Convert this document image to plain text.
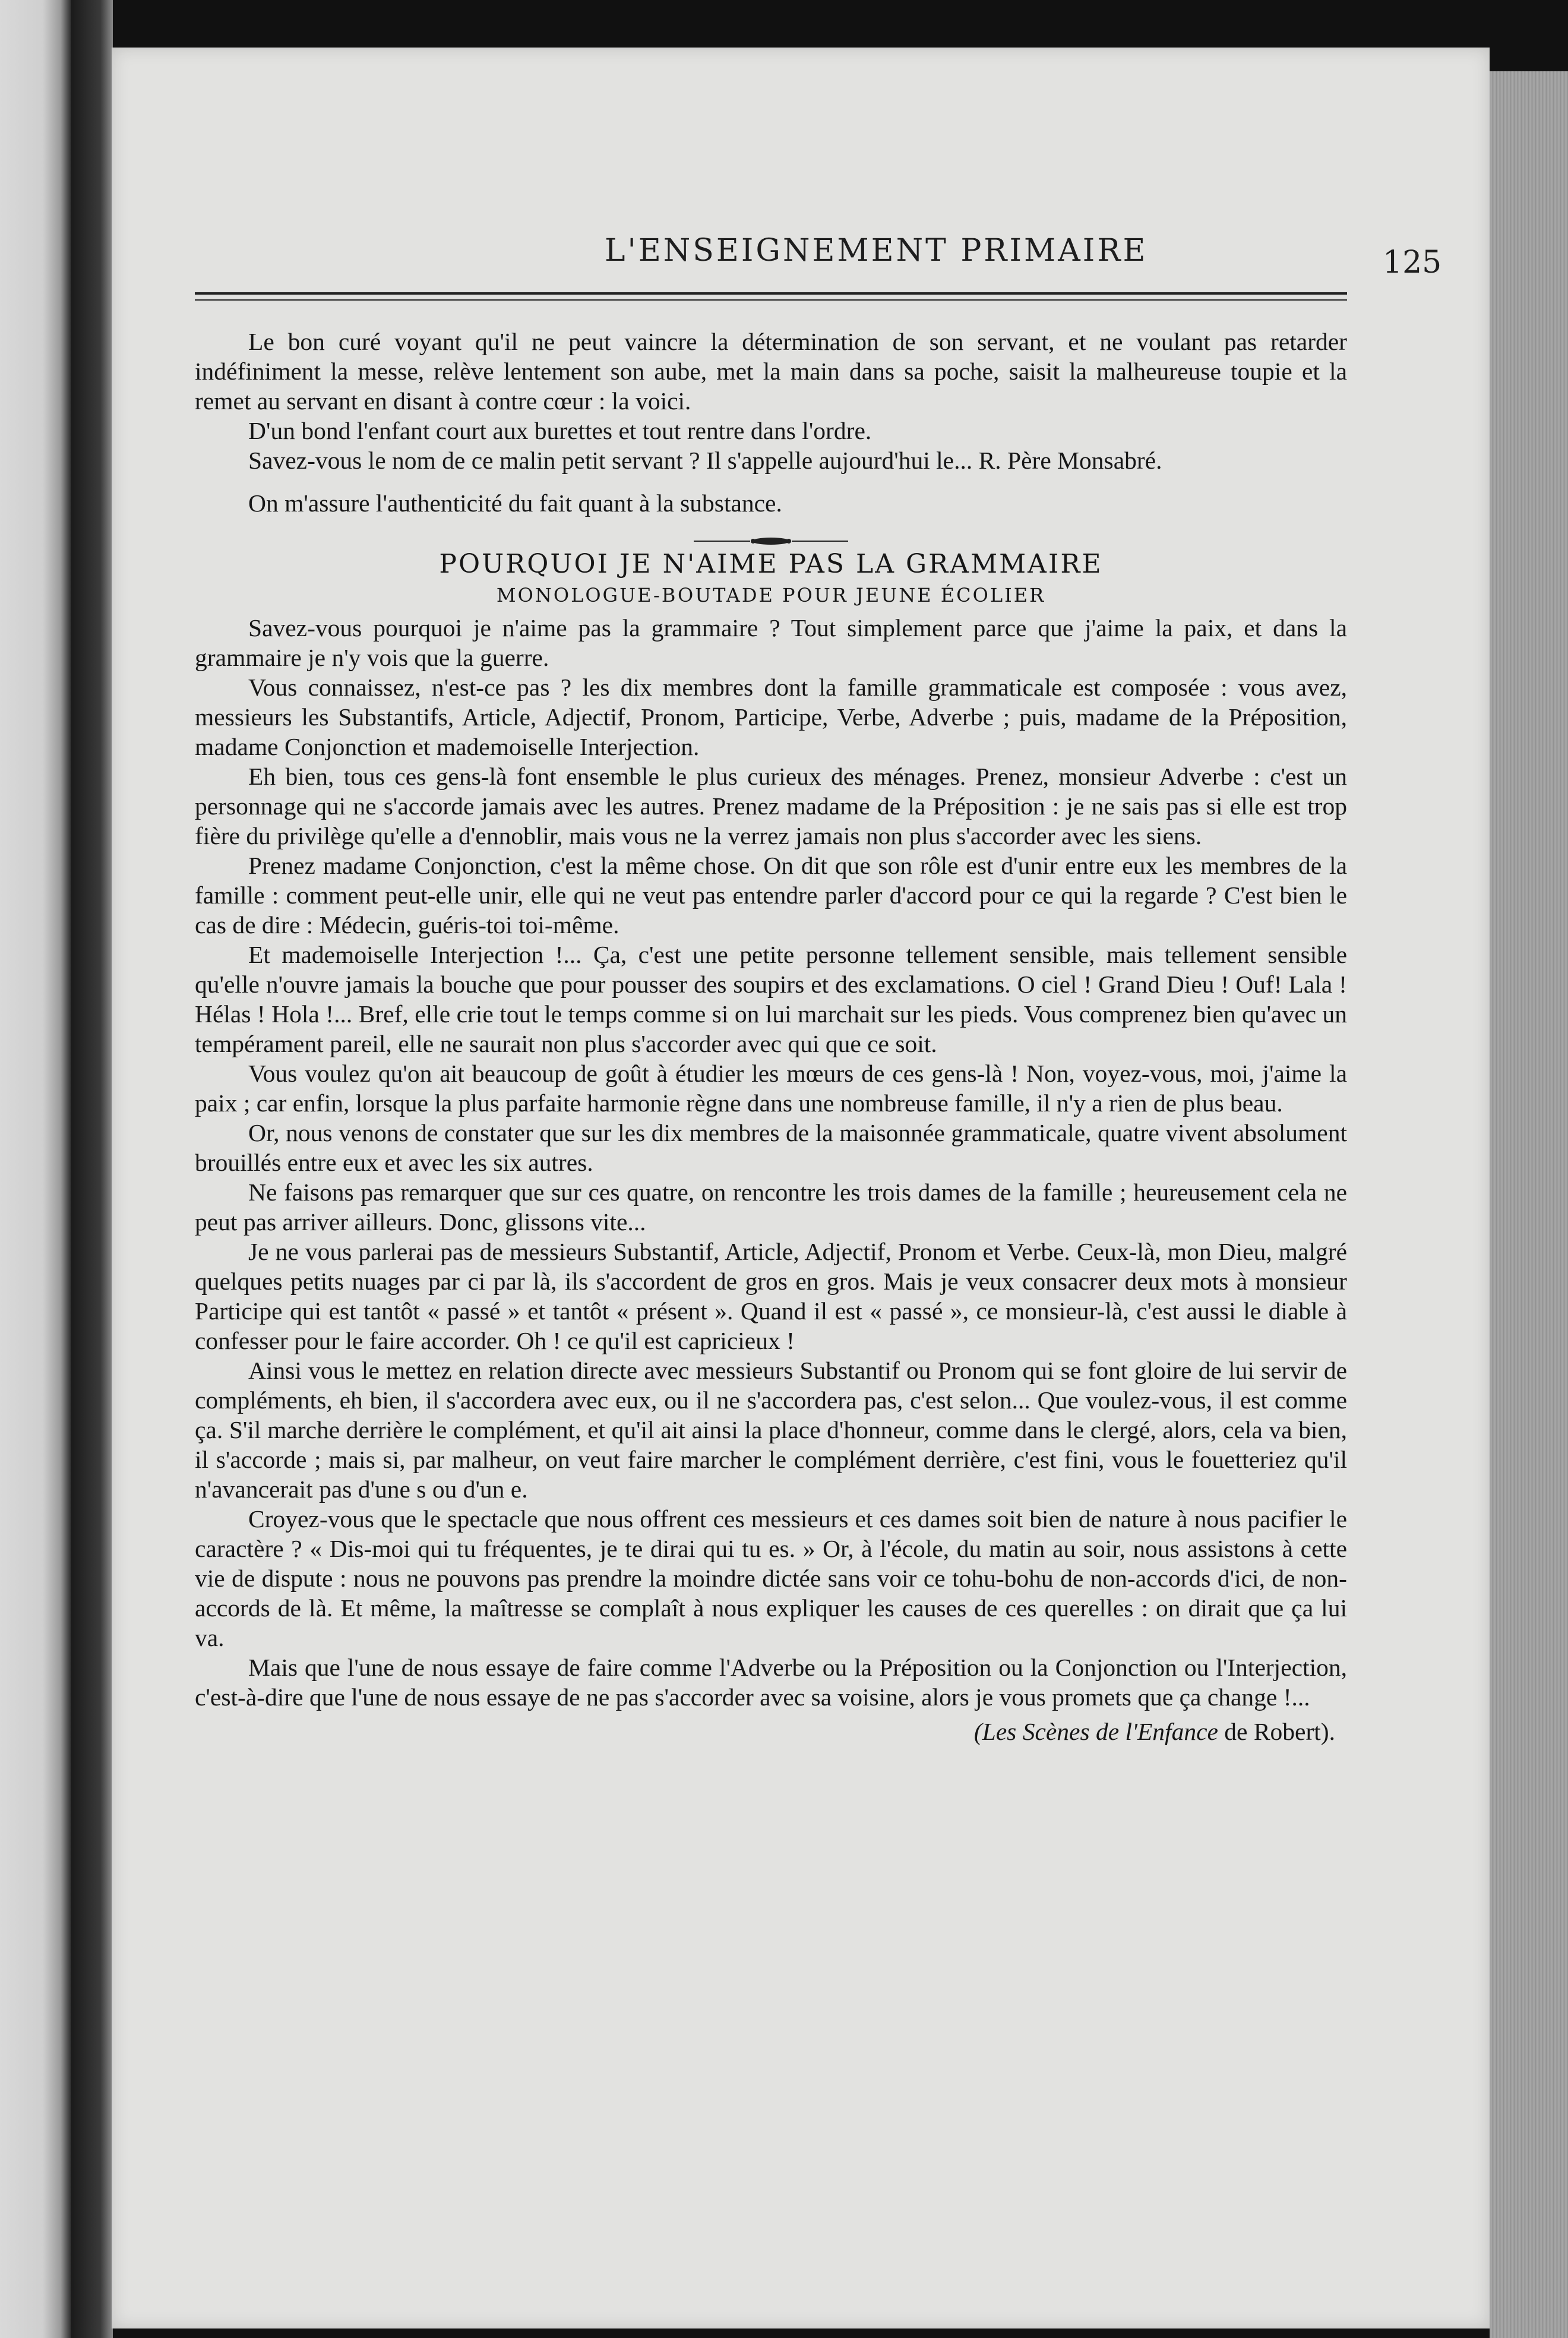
L'ENSEIGNEMENT PRIMAIRE	125

Le bon curé voyant qu'il ne peut vaincre la détermination de son servant, et ne voulant pas retarder indéfiniment la messe, relève lentement son aube, met la main dans sa poche, saisit la malheureuse toupie et la remet au servant en disant à contre cœur : la voici.

D'un bond l'enfant court aux burettes et tout rentre dans l'ordre.

Savez-vous le nom de ce malin petit servant ? Il s'appelle aujourd'hui le... R. Père Monsabré.

On m'assure l'authenticité du fait quant à la substance.

POURQUOI JE N'AIME PAS LA GRAMMAIRE
MONOLOGUE-BOUTADE POUR JEUNE ÉCOLIER

Savez-vous pourquoi je n'aime pas la grammaire ? Tout simplement parce que j'aime la paix, et dans la grammaire je n'y vois que la guerre.

Vous connaissez, n'est-ce pas ? les dix membres dont la famille grammaticale est composée : vous avez, messieurs les Substantifs, Article, Adjectif, Pronom, Participe, Verbe, Adverbe ; puis, madame de la Préposition, madame Conjonction et mademoiselle Interjection.

Eh bien, tous ces gens-là font ensemble le plus curieux des ménages. Prenez, monsieur Adverbe : c'est un personnage qui ne s'accorde jamais avec les autres. Prenez madame de la Préposition : je ne sais pas si elle est trop fière du privilège qu'elle a d'ennoblir, mais vous ne la verrez jamais non plus s'accorder avec les siens.

Prenez madame Conjonction, c'est la même chose. On dit que son rôle est d'unir entre eux les membres de la famille : comment peut-elle unir, elle qui ne veut pas entendre parler d'accord pour ce qui la regarde ? C'est bien le cas de dire : Médecin, guéris-toi toi-même.

Et mademoiselle Interjection !... Ça, c'est une petite personne tellement sensible, mais tellement sensible qu'elle n'ouvre jamais la bouche que pour pousser des soupirs et des exclamations. O ciel ! Grand Dieu ! Ouf! Lala ! Hélas ! Hola !... Bref, elle crie tout le temps comme si on lui marchait sur les pieds. Vous comprenez bien qu'avec un tempérament pareil, elle ne saurait non plus s'accorder avec qui que ce soit.

Vous voulez qu'on ait beaucoup de goût à étudier les mœurs de ces gens-là ! Non, voyez-vous, moi, j'aime la paix ; car enfin, lorsque la plus parfaite harmonie règne dans une nombreuse famille, il n'y a rien de plus beau.

Or, nous venons de constater que sur les dix membres de la maisonnée grammaticale, quatre vivent absolument brouillés entre eux et avec les six autres.

Ne faisons pas remarquer que sur ces quatre, on rencontre les trois dames de la famille ; heureusement cela ne peut pas arriver ailleurs. Donc, glissons vite...

Je ne vous parlerai pas de messieurs Substantif, Article, Adjectif, Pronom et Verbe. Ceux-là, mon Dieu, malgré quelques petits nuages par ci par là, ils s'accordent de gros en gros. Mais je veux consacrer deux mots à monsieur Participe qui est tantôt « passé » et tantôt « présent ». Quand il est « passé », ce monsieur-là, c'est aussi le diable à confesser pour le faire accorder. Oh ! ce qu'il est capricieux !

Ainsi vous le mettez en relation directe avec messieurs Substantif ou Pronom qui se font gloire de lui servir de compléments, eh bien, il s'accordera avec eux, ou il ne s'accordera pas, c'est selon... Que voulez-vous, il est comme ça. S'il marche derrière le complément, et qu'il ait ainsi la place d'honneur, comme dans le clergé, alors, cela va bien, il s'accorde ; mais si, par malheur, on veut faire marcher le complément derrière, c'est fini, vous le fouetteriez qu'il n'avancerait pas d'une s ou d'un e.

Croyez-vous que le spectacle que nous offrent ces messieurs et ces dames soit bien de nature à nous pacifier le caractère ? « Dis-moi qui tu fréquentes, je te dirai qui tu es. » Or, à l'école, du matin au soir, nous assistons à cette vie de dispute : nous ne pouvons pas prendre la moindre dictée sans voir ce tohu-bohu de non-accords d'ici, de non-accords de là. Et même, la maîtresse se complaît à nous expliquer les causes de ces querelles : on dirait que ça lui va.

Mais que l'une de nous essaye de faire comme l'Adverbe ou la Préposition ou la Conjonction ou l'Interjection, c'est-à-dire que l'une de nous essaye de ne pas s'accorder avec sa voisine, alors je vous promets que ça change !...

(Les Scènes de l'Enfance de Robert).
